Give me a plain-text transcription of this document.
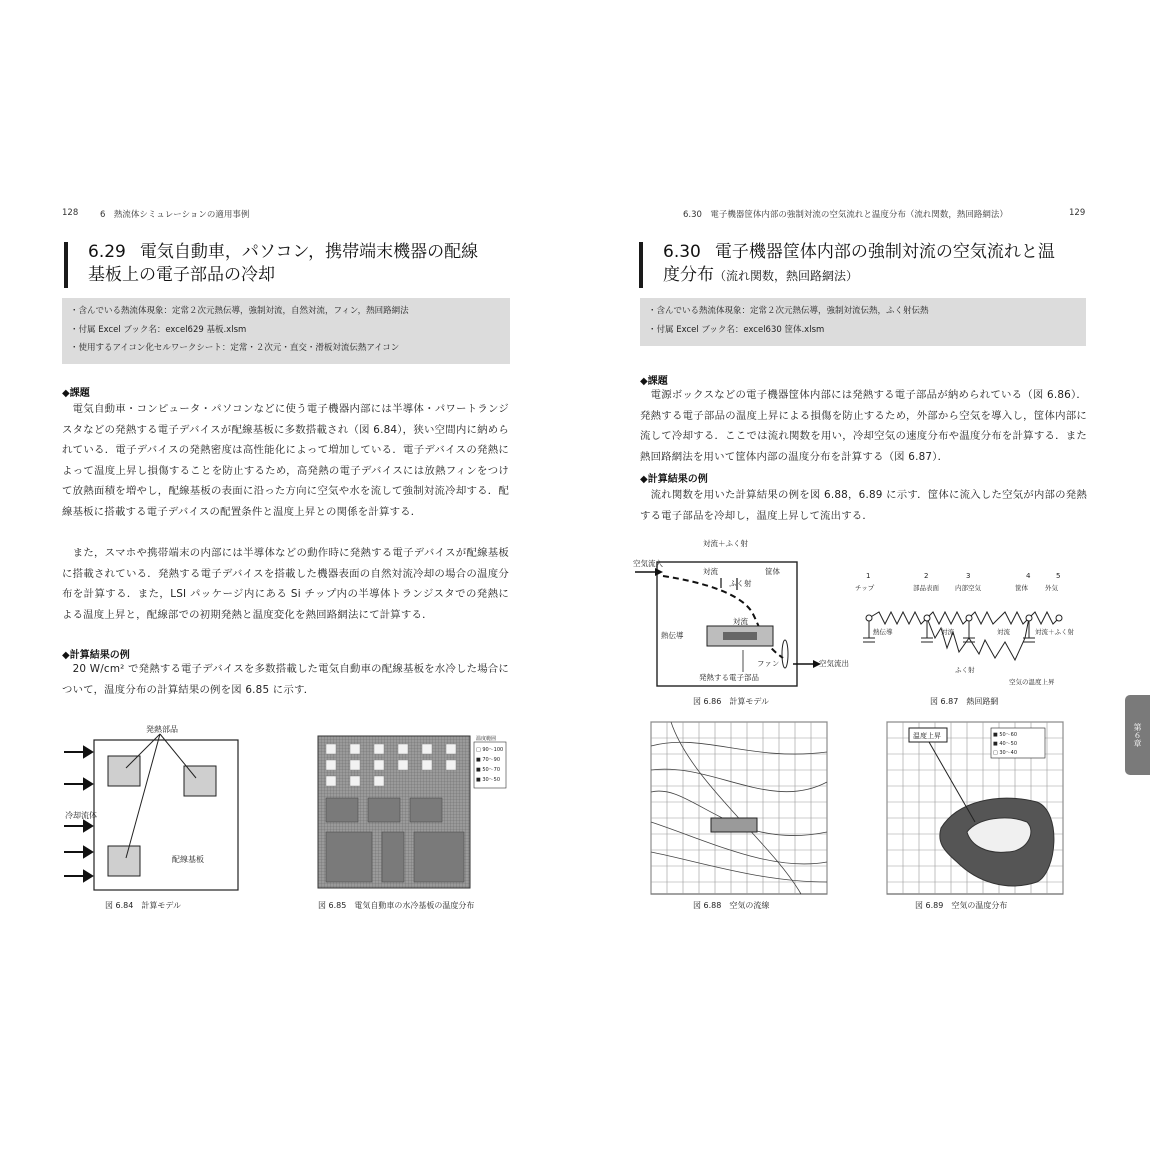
128	6　熱流体シミュレーションの適用事例
6.29 電気自動車，パソコン，携帯端末機器の配線
基板上の電子部品の冷却
・含んでいる熱流体現象：定常２次元熱伝導，強制対流，自然対流，フィン，熱回路網法
・付属 Excel ブック名：excel629 基板.xlsm
・使用するアイコン化セルワークシート：定常・２次元・直交・滑板対流伝熱アイコン
◆課題
　電気自動車・コンピュータ・パソコンなどに使う電子機器内部には半導体・パワートランジスタなどの発熱する電子デバイスが配線基板に多数搭載され（図 6.84），狭い空間内に納められている．電子デバイスの発熱密度は高性能化によって増加している．電子デバイスの発熱によって温度上昇し損傷することを防止するため，高発熱の電子デバイスには放熱フィンをつけて放熱面積を増やし，配線基板の表面に沿った方向に空気や水を流して強制対流冷却する．配線基板に搭載する電子デバイスの配置条件と温度上昇との関係を計算する．
　また，スマホや携帯端末の内部には半導体などの動作時に発熱する電子デバイスが配線基板に搭載されている．発熱する電子デバイスを搭載した機器表面の自然対流冷却の場合の温度分布を計算する．また，LSI パッケージ内にある Si チップ内の半導体トランジスタでの発熱による温度上昇と，配線部での初期発熱と温度変化を熱回路網法にて計算する．
◆計算結果の例
　20 W/cm² で発熱する電子デバイスを多数搭載した電気自動車の配線基板を水冷した場合について，温度分布の計算結果の例を図 6.85 に示す．
発熱部品
冷却流体
配線基板
図 6.84　計算モデル
温度範囲
□ 90〜100
■ 70〜90
■ 50〜70
■ 30〜50
図 6.85　電気自動車の水冷基板の温度分布
6.30　電子機器筐体内部の強制対流の空気流れと温度分布（流れ関数，熱回路網法）	129
6.30 電子機器筐体内部の強制対流の空気流れと温
度分布（流れ関数，熱回路網法）
・含んでいる熱流体現象：定常２次元熱伝導，強制対流伝熱，ふく射伝熱
・付属 Excel ブック名：excel630 筐体.xlsm
◆課題
　電源ボックスなどの電子機器筐体内部には発熱する電子部品が納められている（図 6.86）．発熱する電子部品の温度上昇による損傷を防止するため，外部から空気を導入し，筐体内部に流して冷却する．ここでは流れ関数を用い，冷却空気の速度分布や温度分布を計算する．また熱回路網法を用いて筐体内部の温度分布を計算する（図 6.87）．
◆計算結果の例
　流れ関数を用いた計算結果の例を図 6.88，6.89 に示す．筐体に流入した空気が内部の発熱する電子部品を冷却し，温度上昇して流出する．
対流＋ふく射
空気流入
対流
ふく射
筐体
熱伝導
対流
発熱する電子部品
ファン	空気流出
図 6.86　計算モデル
1
チップ
2
部品表面
3
内部空気
4
筐体
5
外気
熱伝導	対流	対流	対流＋ふく射
ふく射
空気の温度上昇
図 6.87　熱回路網
図 6.88　空気の流線
温度上昇	■ 50〜60
■ 40〜50
□ 30〜40
図 6.89　空気の温度分布
第６章
